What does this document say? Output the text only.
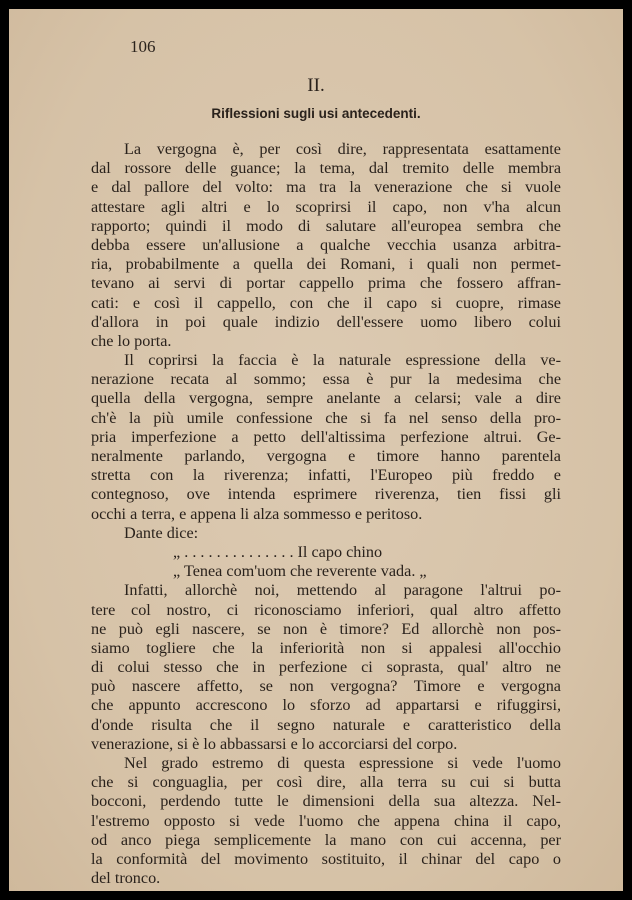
106
II.
Riflessioni sugli usi antecedenti.
La vergogna è, per così dire, rappresentata esattamente
dal rossore delle guance; la tema, dal tremito delle membra
e dal pallore del volto: ma tra la venerazione che si vuole
attestare agli altri e lo scoprirsi il capo, non v'ha alcun
rapporto; quindi il modo di salutare all'europea sembra che
debba essere un'allusione a qualche vecchia usanza arbitra-
ria, probabilmente a quella dei Romani, i quali non permet-
tevano ai servi di portar cappello prima che fossero affran-
cati: e così il cappello, con che il capo si cuopre, rimase
d'allora in poi quale indizio dell'essere uomo libero colui
che lo porta.
Il coprirsi la faccia è la naturale espressione della ve-
nerazione recata al sommo; essa è pur la medesima che
quella della vergogna, sempre anelante a celarsi; vale a dire
ch'è la più umile confessione che si fa nel senso della pro-
pria imperfezione a petto dell'altissima perfezione altrui. Ge-
neralmente parlando, vergogna e timore hanno parentela
stretta con la riverenza; infatti, l'Europeo più freddo e
contegnoso, ove intenda esprimere riverenza, tien fissi gli
occhi a terra, e appena li alza sommesso e peritoso.
Dante dice:
„ . . . . . . . . . . . . . . Il capo chino
„ Tenea com'uom che reverente vada. „
Infatti, allorchè noi, mettendo al paragone l'altrui po-
tere col nostro, ci riconosciamo inferiori, qual altro affetto
ne può egli nascere, se non è timore? Ed allorchè non pos-
siamo togliere che la inferiorità non si appalesi all'occhio
di colui stesso che in perfezione ci soprasta, qual' altro ne
può nascere affetto, se non vergogna? Timore e vergogna
che appunto accrescono lo sforzo ad appartarsi e rifuggirsi,
d'onde risulta che il segno naturale e caratteristico della
venerazione, si è lo abbassarsi e lo accorciarsi del corpo.
Nel grado estremo di questa espressione si vede l'uomo
che si conguaglia, per così dire, alla terra su cui si butta
bocconi, perdendo tutte le dimensioni della sua altezza. Nel-
l'estremo opposto si vede l'uomo che appena china il capo,
od anco piega semplicemente la mano con cui accenna, per
la conformità del movimento sostituito, il chinar del capo o
del tronco.
